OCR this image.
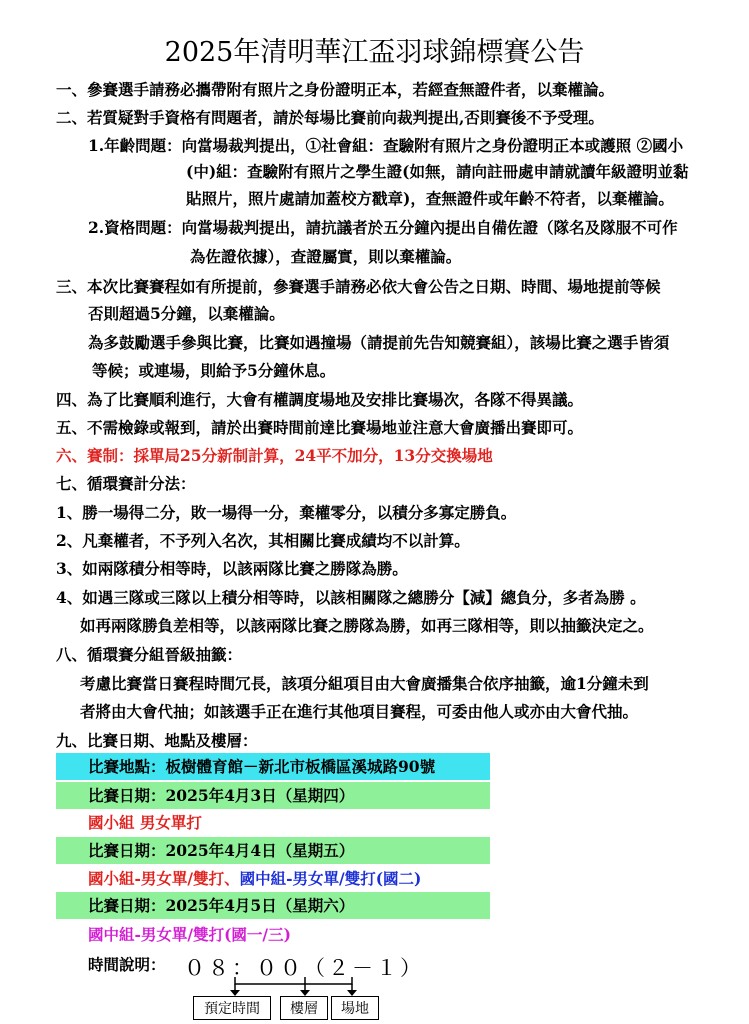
2025年清明華江盃羽球錦標賽公告
一、參賽選手請務必攜帶附有照片之身份證明正本，若經查無證件者，以棄權論。
二、若質疑對手資格有問題者，請於每場比賽前向裁判提出,否則賽後不予受理。
1.年齡問題：向當場裁判提出，①社會組：查驗附有照片之身份證明正本或護照 ②國小
(中)組：查驗附有照片之學生證(如無，請向註冊處申請就讀年級證明並黏
貼照片，照片處請加蓋校方戳章)，查無證件或年齡不符者，以棄權論。
2.資格問題：向當場裁判提出，請抗議者於五分鐘內提出自備佐證（隊名及隊服不可作
為佐證依據），查證屬實，則以棄權論。
三、本次比賽賽程如有所提前，參賽選手請務必依大會公告之日期、時間、場地提前等候
否則超過5分鐘，以棄權論。
為多鼓勵選手參與比賽，比賽如遇撞場（請提前先告知競賽組），該場比賽之選手皆須
等候；或連場，則給予5分鐘休息。
四、為了比賽順利進行，大會有權調度場地及安排比賽場次，各隊不得異議。
五、不需檢錄或報到，請於出賽時間前達比賽場地並注意大會廣播出賽即可。
六、賽制：採單局25分新制計算，24平不加分，13分交換場地
七、循環賽計分法：
1、勝一場得二分，敗一場得一分，棄權零分，以積分多寡定勝負。
2、凡棄權者，不予列入名次，其相關比賽成績均不以計算。
3、如兩隊積分相等時，以該兩隊比賽之勝隊為勝。
4、如遇三隊或三隊以上積分相等時，以該相關隊之總勝分【減】總負分，多者為勝 。
如再兩隊勝負差相等，以該兩隊比賽之勝隊為勝，如再三隊相等，則以抽籤決定之。
八、循環賽分組晉級抽籤：
考慮比賽當日賽程時間冗長，該項分組項目由大會廣播集合依序抽籤，逾1分鐘未到
者將由大會代抽；如該選手正在進行其他項目賽程，可委由他人或亦由大會代抽。
九、比賽日期、地點及樓層：
比賽地點：板樹體育館－新北市板橋區溪城路90號
比賽日期：2025年4月3日（星期四）
國小組 男女單打
比賽日期：2025年4月4日（星期五）
國小組-男女單/雙打、國中組-男女單/雙打(國二)
比賽日期：2025年4月5日（星期六）
國中組-男女單/雙打(國一/三)
時間說明： ０８：００（２－１）
預定時間	樓層	場地
